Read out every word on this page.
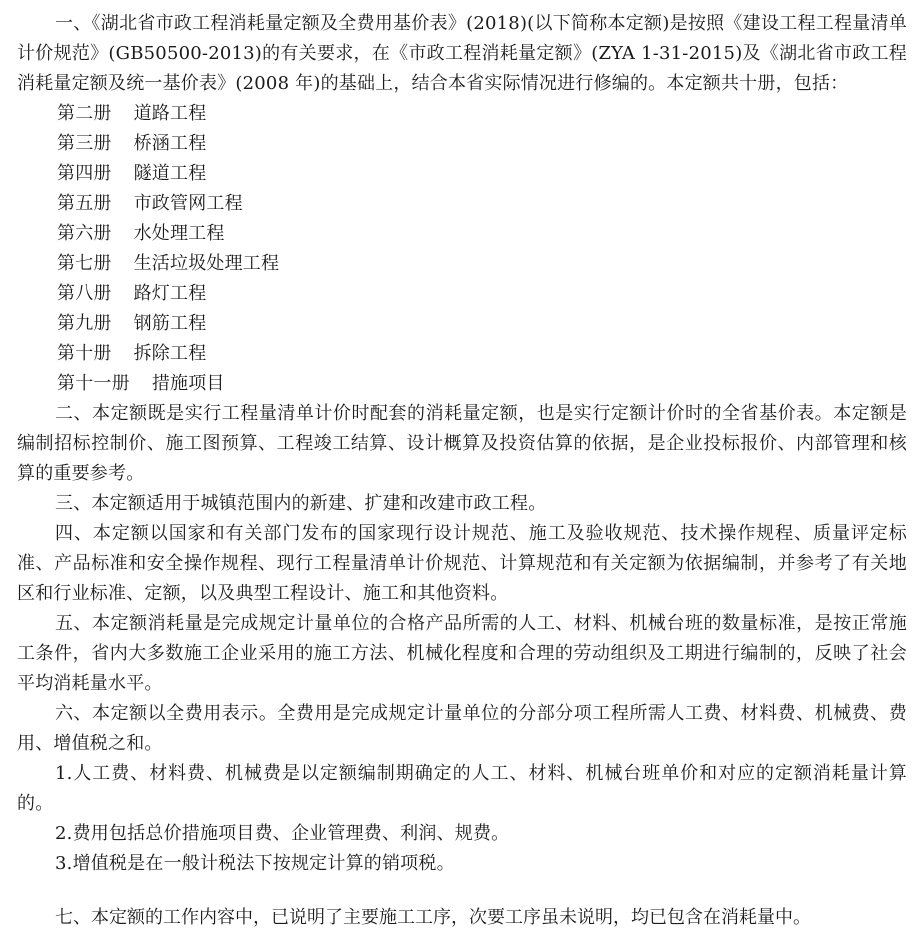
一、《湖北省市政工程消耗量定额及全费用基价表》(2018)(以下简称本定额)是按照《建设工程工程量清单计价规范》(GB50500-2013)的有关要求，在《市政工程消耗量定额》(ZYA 1-31-2015)及《湖北省市政工程消耗量定额及统一基价表》(2008 年)的基础上，结合本省实际情况进行修编的。本定额共十册，包括：

第二册 道路工程
第三册 桥涵工程
第四册 隧道工程
第五册 市政管网工程
第六册 水处理工程
第七册 生活垃圾处理工程
第八册 路灯工程
第九册 钢筋工程
第十册 拆除工程
第十一册 措施项目

二、本定额既是实行工程量清单计价时配套的消耗量定额，也是实行定额计价时的全省基价表。本定额是编制招标控制价、施工图预算、工程竣工结算、设计概算及投资估算的依据，是企业投标报价、内部管理和核算的重要参考。

三、本定额适用于城镇范围内的新建、扩建和改建市政工程。

四、本定额以国家和有关部门发布的国家现行设计规范、施工及验收规范、技术操作规程、质量评定标准、产品标准和安全操作规程、现行工程量清单计价规范、计算规范和有关定额为依据编制，并参考了有关地区和行业标准、定额，以及典型工程设计、施工和其他资料。

五、本定额消耗量是完成规定计量单位的合格产品所需的人工、材料、机械台班的数量标准，是按正常施工条件，省内大多数施工企业采用的施工方法、机械化程度和合理的劳动组织及工期进行编制的，反映了社会平均消耗量水平。

六、本定额以全费用表示。全费用是完成规定计量单位的分部分项工程所需人工费、材料费、机械费、费用、增值税之和。

1.人工费、材料费、机械费是以定额编制期确定的人工、材料、机械台班单价和对应的定额消耗量计算的。

2.费用包括总价措施项目费、企业管理费、利润、规费。

3.增值税是在一般计税法下按规定计算的销项税。

七、本定额的工作内容中，已说明了主要施工工序，次要工序虽未说明，均已包含在消耗量中。
